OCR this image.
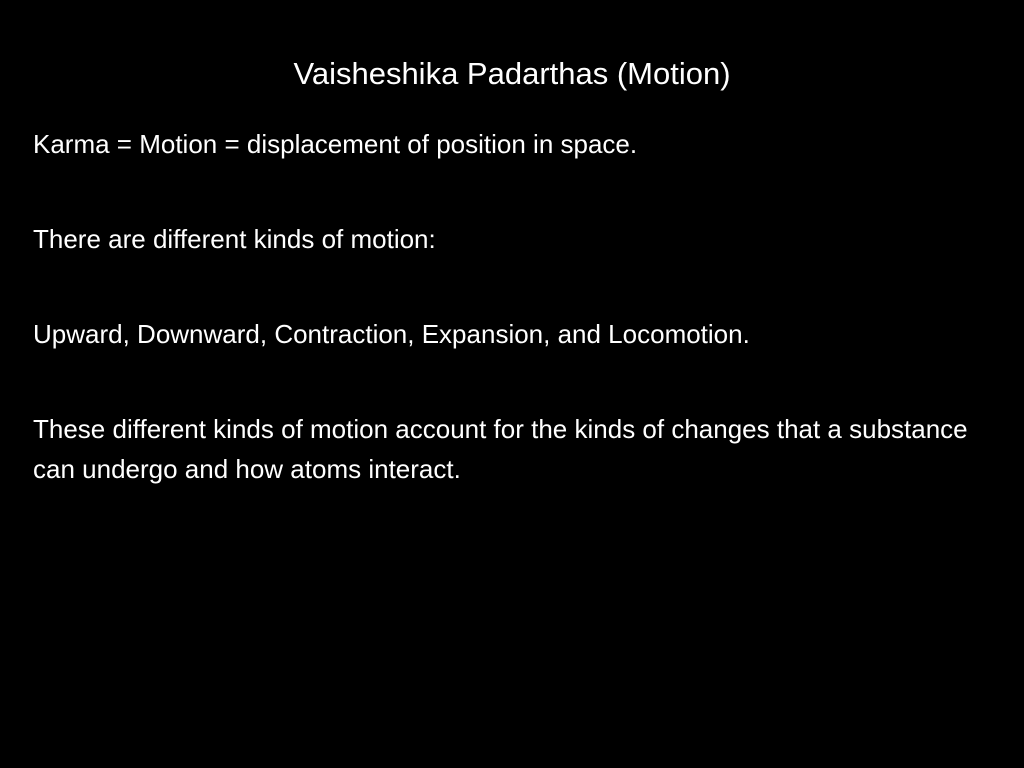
Vaisheshika Padarthas (Motion)

Karma = Motion = displacement of position in space.

There are different kinds of motion:

Upward, Downward, Contraction, Expansion, and Locomotion.

These different kinds of motion account for the kinds of changes that a substance can undergo and how atoms interact.
